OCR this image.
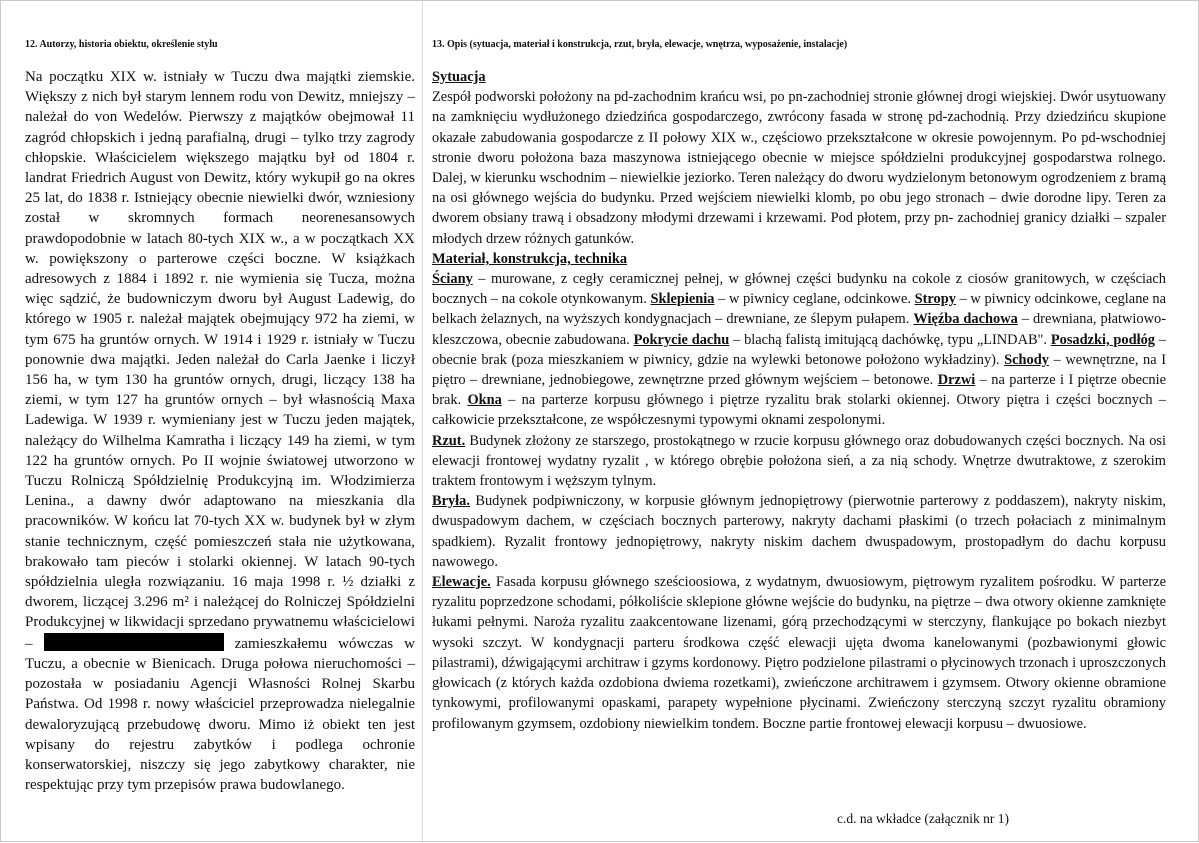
12. Autorzy, historia obiektu, określenie stylu
Na początku XIX w. istniały w Tuczu dwa majątki ziemskie. Większy z nich był starym lennem rodu von Dewitz, mniejszy – należał do von Wedelów. Pierwszy z majątków obejmował 11 zagród chłopskich i jedną parafialną, drugi – tylko trzy zagrody chłopskie. Właścicielem większego majątku był od 1804 r. landrat Friedrich August von Dewitz, który wykupił go na okres 25 lat, do 1838 r. Istniejący obecnie niewielki dwór, wzniesiony został w skromnych formach neorenesansowych prawdopodobnie w latach 80-tych XIX w., a w początkach XX w. powiększony o parterowe części boczne. W książkach adresowych z 1884 i 1892 r. nie wymienia się Tucza, można więc sądzić, że budowniczym dworu był August Ladewig, do którego w 1905 r. należał majątek obejmujący 972 ha ziemi, w tym 675 ha gruntów ornych. W 1914 i 1929 r. istniały w Tuczu ponownie dwa majątki. Jeden należał do Carla Jaenke i liczył 156 ha, w tym 130 ha gruntów ornych, drugi, liczący 138 ha ziemi, w tym 127 ha gruntów ornych – był własnością Maxa Ladewiga. W 1939 r. wymieniany jest w Tuczu jeden majątek, należący do Wilhelma Kamratha i liczący 149 ha ziemi, w tym 122 ha gruntów ornych. Po II wojnie światowej utworzono w Tuczu Rolniczą Spółdzielnię Produkcyjną im. Włodzimierza Lenina., a dawny dwór adaptowano na mieszkania dla pracowników. W końcu lat 70-tych XX w. budynek był w złym stanie technicznym, część pomieszczeń stała nie użytkowana, brakowało tam pieców i stolarki okiennej. W latach 90-tych spółdzielnia uległa rozwiązaniu. 16 maja 1998 r. ½ działki z dworem, liczącej 3.296 m² i należącej do Rolniczej Spółdzielni Produkcyjnej w likwidacji sprzedano prywatnemu właścicielowi –	zamieszkałemu wówczas w Tuczu, a obecnie w Bienicach. Druga połowa nieruchomości – pozostała w posiadaniu Agencji Własności Rolnej Skarbu Państwa. Od 1998 r. nowy właściciel przeprowadza nielegalnie dewaloryzującą przebudowę dworu. Mimo iż obiekt ten jest wpisany do rejestru zabytków i podlega ochronie konserwatorskiej, niszczy się jego zabytkowy charakter, nie respektując przy tym przepisów prawa budowlanego.
13. Opis (sytuacja, materiał i konstrukcja, rzut, bryła, elewacje, wnętrza, wyposażenie, instalacje)

Sytuacja
Zespół podworski położony na pd-zachodnim krańcu wsi, po pn-zachodniej stronie głównej drogi wiejskiej. Dwór usytuowany na zamknięciu wydłużonego dziedzińca gospodarczego, zwrócony fasada w stronę pd-zachodnią. Przy dziedzińcu skupione okazałe zabudowania gospodarcze z II połowy XIX w., częściowo przekształcone w okresie powojennym. Po pd-wschodniej stronie dworu położona baza maszynowa istniejącego obecnie w miejsce spółdzielni produkcyjnej gospodarstwa rolnego. Dalej, w kierunku wschodnim – niewielkie jeziorko. Teren należący do dworu wydzielonym betonowym ogrodzeniem z bramą na osi głównego wejścia do budynku. Przed wejściem niewielki klomb, po obu jego stronach – dwie dorodne lipy. Teren za dworem obsiany trawą i obsadzony młodymi drzewami i krzewami. Pod płotem, przy pn- zachodniej granicy działki – szpaler młodych drzew różnych gatunków.

Materiał, konstrukcja, technika
Ściany – murowane, z cegły ceramicznej pełnej, w głównej części budynku na cokole z ciosów granitowych, w częściach bocznych – na cokole otynkowanym. Sklepienia – w piwnicy ceglane, odcinkowe. Stropy – w piwnicy odcinkowe, ceglane na belkach żelaznych, na wyższych kondygnacjach – drewniane, ze ślepym pułapem. Więźba dachowa – drewniana, płatwiowo-kleszczowa, obecnie zabudowana. Pokrycie dachu – blachą falistą imitującą dachówkę, typu „LINDAB". Posadzki, podłóg – obecnie brak (poza mieszkaniem w piwnicy, gdzie na wylewki betonowe położono wykładziny). Schody – wewnętrzne, na I piętro – drewniane, jednobiegowe, zewnętrzne przed głównym wejściem – betonowe. Drzwi – na parterze i I piętrze obecnie brak. Okna – na parterze korpusu głównego i piętrze ryzalitu brak stolarki okiennej. Otwory piętra i części bocznych – całkowicie przekształcone, ze współczesnymi typowymi oknami zespolonymi.

Rzut. Budynek złożony ze starszego, prostokątnego w rzucie korpusu głównego oraz dobudowanych części bocznych. Na osi elewacji frontowej wydatny ryzalit , w którego obrębie położona sień, a za nią schody. Wnętrze dwutraktowe, z szerokim traktem frontowym i węższym tylnym.

Bryła. Budynek podpiwniczony, w korpusie głównym jednopiętrowy (pierwotnie parterowy z poddaszem), nakryty niskim, dwuspadowym dachem, w częściach bocznych parterowy, nakryty dachami płaskimi (o trzech połaciach z minimalnym spadkiem). Ryzalit frontowy jednopiętrowy, nakryty niskim dachem dwuspadowym, prostopadłym do dachu korpusu nawowego.

Elewacje. Fasada korpusu głównego sześcioosiowa, z wydatnym, dwuosiowym, piętrowym ryzalitem pośrodku. W parterze ryzalitu poprzedzone schodami, półkoliście sklepione główne wejście do budynku, na piętrze – dwa otwory okienne zamknięte łukami pełnymi. Naroża ryzalitu zaakcentowane lizenami, górą przechodzącymi w sterczyny, flankujące po bokach niezbyt wysoki szczyt. W kondygnacji parteru środkowa część elewacji ujęta dwoma kanelowanymi (pozbawionymi głowic pilastrami), dźwigającymi architraw i gzyms kordonowy. Piętro podzielone pilastrami o płycinowych trzonach i uproszczonych głowicach (z których każda ozdobiona dwiema rozetkami), zwieńczone architrawem i gzymsem. Otwory okienne obramione tynkowymi, profilowanymi opaskami, parapety wypełnione płycinami. Zwieńczony sterczyną szczyt ryzalitu obramiony profilowanym gzymsem, ozdobiony niewielkim tondem. Boczne partie frontowej elewacji korpusu – dwuosiowe.

c.d. na wkładce (załącznik nr 1)
